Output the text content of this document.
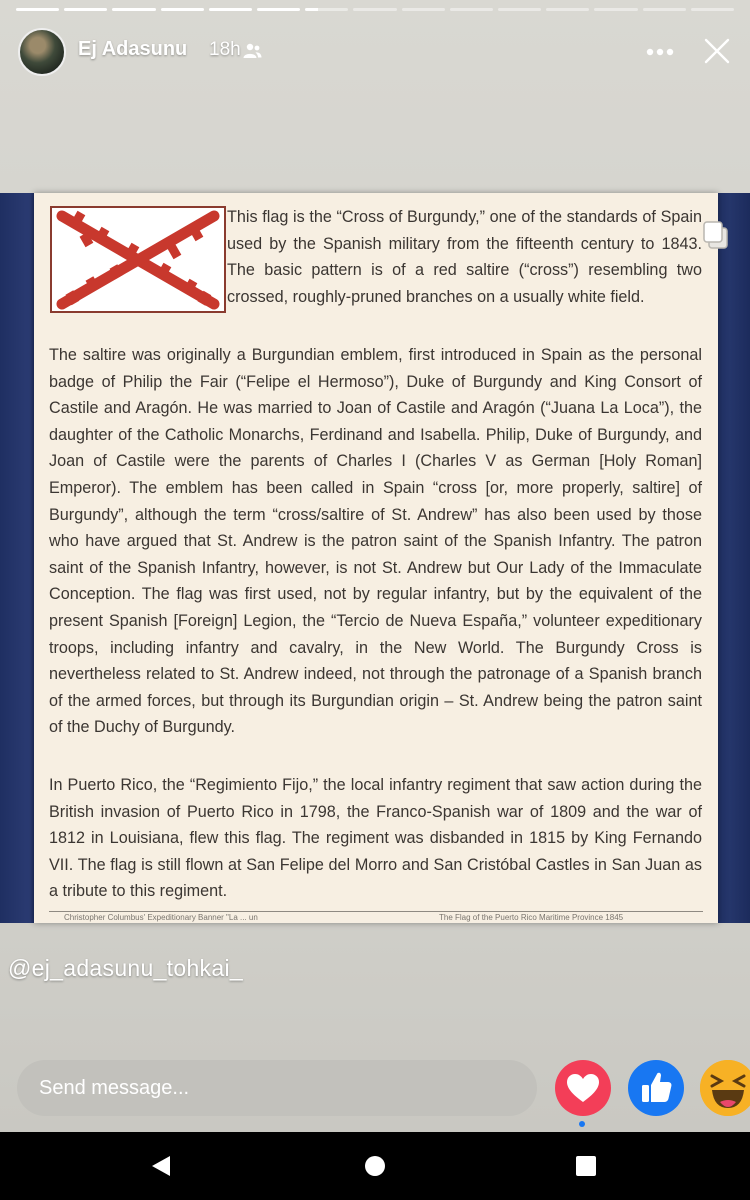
Ej Adasunu 18h
This flag is the “Cross of Burgundy,” one of the standards of Spain used by the Spanish military from the fifteenth century to 1843. The basic pattern is of a red saltire (“cross”) resembling two crossed, roughly-pruned branches on a usually white field.
The saltire was originally a Burgundian emblem, first introduced in Spain as the personal badge of Philip the Fair (“Felipe el Hermoso”), Duke of Burgundy and King Consort of Castile and Aragón. He was married to Joan of Castile and Aragón (“Juana La Loca”), the daughter of the Catholic Monarchs, Ferdinand and Isabella. Philip, Duke of Burgundy, and Joan of Castile were the parents of Charles I (Charles V as German [Holy Roman] Emperor). The emblem has been called in Spain “cross [or, more properly, saltire] of Burgundy”, although the term “cross/saltire of St. Andrew” has also been used by those who have argued that St. Andrew is the patron saint of the Spanish Infantry. The patron saint of the Spanish Infantry, however, is not St. Andrew but Our Lady of the Immaculate Conception. The flag was first used, not by regular infantry, but by the equivalent of the present Spanish [Foreign] Legion, the “Tercio de Nueva España,” volunteer expeditionary troops, including infantry and cavalry, in the New World. The Burgundy Cross is nevertheless related to St. Andrew indeed, not through the patronage of a Spanish branch of the armed forces, but through its Burgundian origin – St. Andrew being the patron saint of the Duchy of Burgundy.
In Puerto Rico, the “Regimiento Fijo,” the local infantry regiment that saw action during the British invasion of Puerto Rico in 1798, the Franco-Spanish war of 1809 and the war of 1812 in Louisiana, flew this flag. The regiment was disbanded in 1815 by King Fernando VII. The flag is still flown at San Felipe del Morro and San Cristóbal Castles in San Juan as a tribute to this regiment.
Christopher Columbus' Expeditionary Banner "La ... un	The Flag of the Puerto Rico Maritime Province 1845
@ej_adasunu_tohkai_
Send message...
